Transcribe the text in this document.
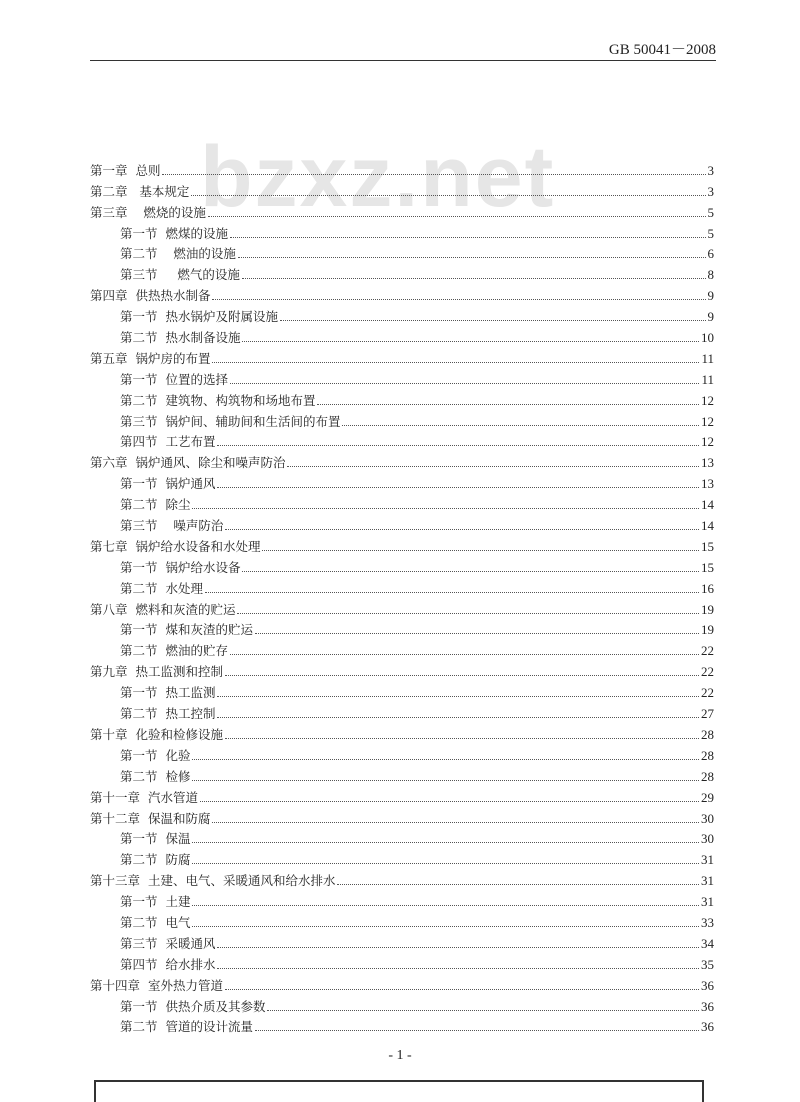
GB 50041－2008
bzxz.net
第一章  总则	3
第二章   基本规定	3
第三章    燃烧的设施	5
第一节  燃煤的设施	5
第二节    燃油的设施	6
第三节     燃气的设施	8
第四章  供热热水制备	9
第一节  热水锅炉及附属设施	9
第二节  热水制备设施	10
第五章  锅炉房的布置	11
第一节  位置的选择	11
第二节  建筑物、构筑物和场地布置	12
第三节  锅炉间、辅助间和生活间的布置	12
第四节  工艺布置	12
第六章  锅炉通风、除尘和噪声防治	13
第一节  锅炉通风	13
第二节  除尘	14
第三节    噪声防治	14
第七章  锅炉给水设备和水处理	15
第一节  锅炉给水设备	15
第二节  水处理	16
第八章  燃料和灰渣的贮运	19
第一节  煤和灰渣的贮运	19
第二节  燃油的贮存	22
第九章  热工监测和控制	22
第一节  热工监测	22
第二节  热工控制	27
第十章  化验和检修设施	28
第一节  化验	28
第二节  检修	28
第十一章  汽水管道	29
第十二章  保温和防腐	30
第一节  保温	30
第二节  防腐	31
第十三章  土建、电气、采暖通风和给水排水	31
第一节  土建	31
第二节  电气	33
第三节  采暖通风	34
第四节  给水排水	35
第十四章  室外热力管道	36
第一节  供热介质及其参数	36
第二节  管道的设计流量	36
- 1 -
